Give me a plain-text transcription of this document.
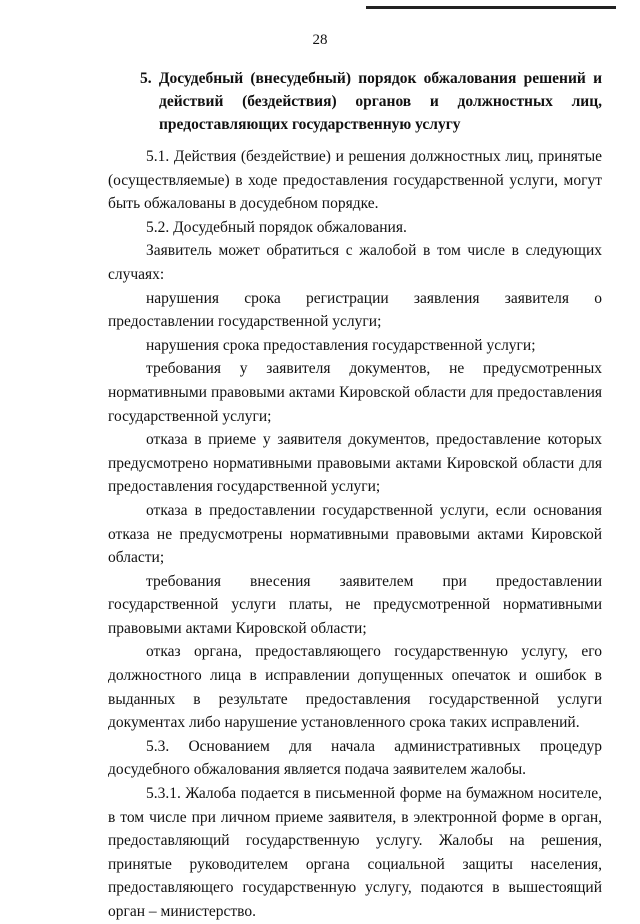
28
5. Досудебный (внесудебный) порядок обжалования решений и
действий (бездействия) органов и должностных лиц,
предоставляющих государственную услугу

5.1. Действия (бездействие) и решения должностных лиц, принятые (осуществляемые) в ходе предоставления государственной услуги, могут быть обжалованы в досудебном порядке.

5.2. Досудебный порядок обжалования.

Заявитель может обратиться с жалобой в том числе в следующих случаях:

нарушения срока регистрации заявления заявителя о предоставлении государственной услуги;

нарушения срока предоставления государственной услуги;

требования у заявителя документов, не предусмотренных нормативными правовыми актами Кировской области для предоставления государственной услуги;

отказа в приеме у заявителя документов, предоставление которых предусмотрено нормативными правовыми актами Кировской области для предоставления государственной услуги;

отказа в предоставлении государственной услуги, если основания отказа не предусмотрены нормативными правовыми актами Кировской области;

требования внесения заявителем при предоставлении государственной услуги платы, не предусмотренной нормативными правовыми актами Кировской области;

отказ органа, предоставляющего государственную услугу, его должностного лица в исправлении допущенных опечаток и ошибок в выданных в результате предоставления государственной услуги документах либо нарушение установленного срока таких исправлений.

5.3. Основанием для начала административных процедур досудебного обжалования является подача заявителем жалобы.

5.3.1. Жалоба подается в письменной форме на бумажном носителе, в том числе при личном приеме заявителя, в электронной форме в орган, предоставляющий государственную услугу. Жалобы на решения, принятые руководителем органа социальной защиты населения, предоставляющего государственную услугу, подаются в вышестоящий орган – министерство.
